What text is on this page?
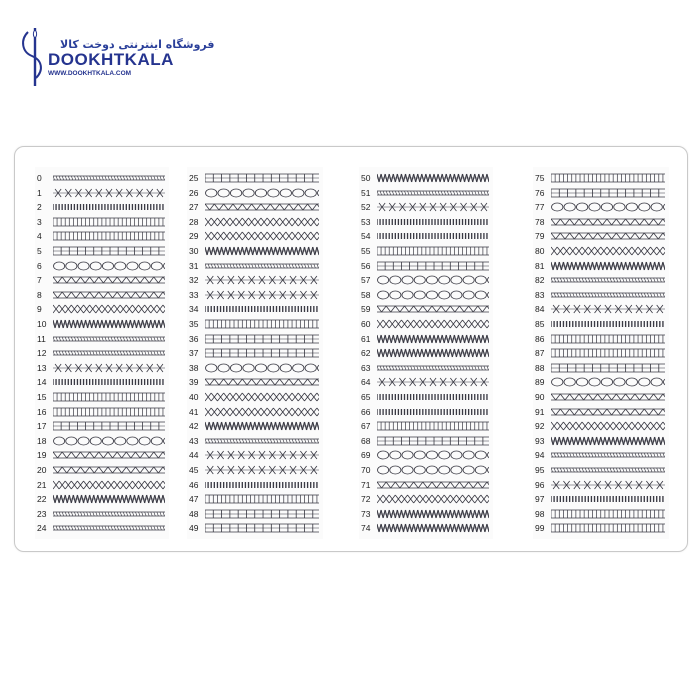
فروشگاه اینترنتی دوخت کالا
DOOKHTKALA
WWW.DOOKHTKALA.COM
0
1
2
3
4
5
6
7
8
9
10
11
12
13
14
15
16
17
18
19
20
21
22
23
24
25
26
27
28
29
30
31
32
33
34
35
36
37
38
39
40
41
42
43
44
45
46
47
48
49
50
51
52
53
54
55
56
57
58
59
60
61
62
63
64
65
66
67
68
69
70
71
72
73
74
75
76
77
78
79
80
81
82
83
84
85
86
87
88
89
90
91
92
93
94
95
96
97
98
99
